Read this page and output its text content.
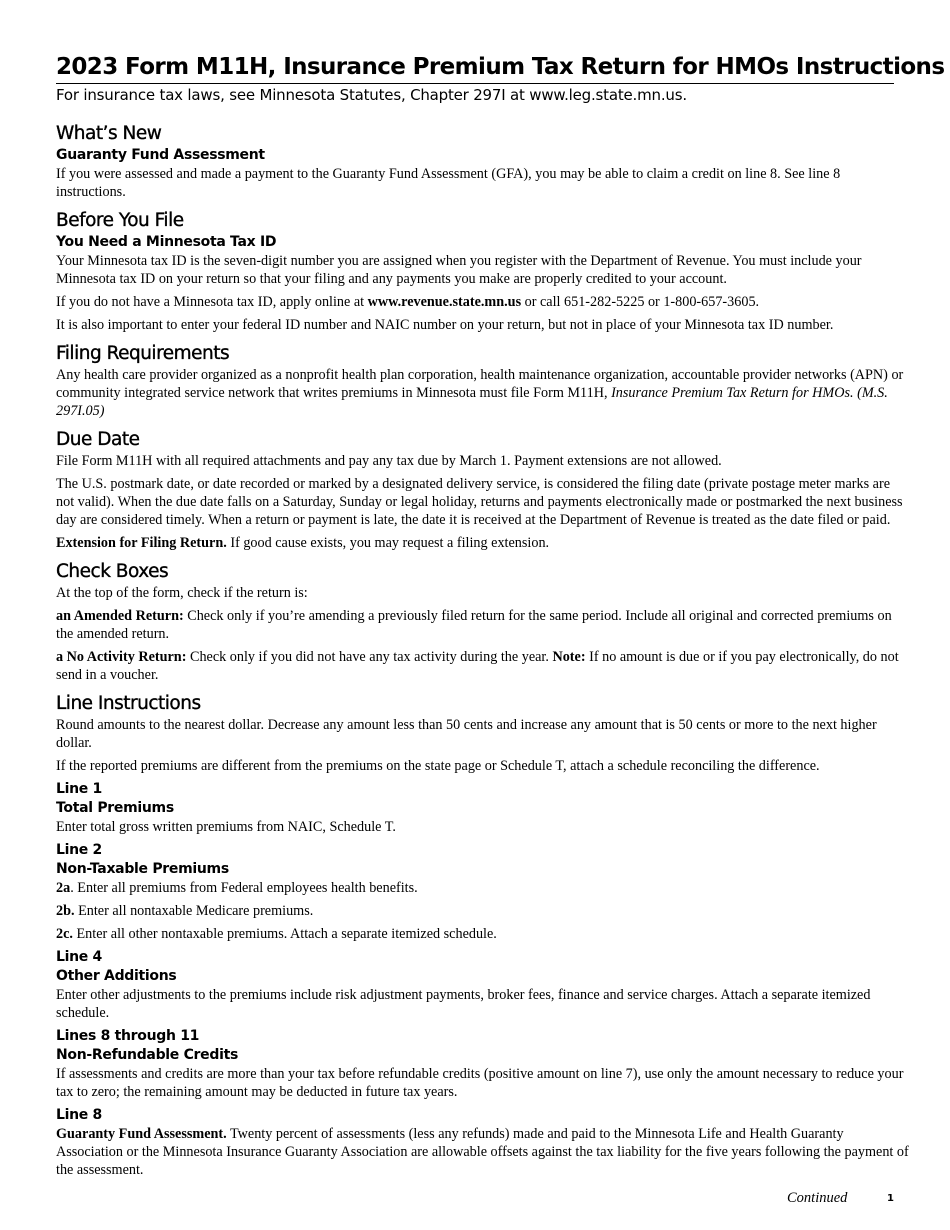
2023 Form M11H, Insurance Premium Tax Return for HMOs Instructions
For insurance tax laws, see Minnesota Statutes, Chapter 297I at www.leg.state.mn.us.
What’s New
Guaranty Fund Assessment

If you were assessed and made a payment to the Guaranty Fund Assessment (GFA), you may be able to claim a credit on line 8. See line 8 instructions.

Before You File
You Need a Minnesota Tax ID

Your Minnesota tax ID is the seven-digit number you are assigned when you register with the Department of Revenue. You must include your Minnesota tax ID on your return so that your filing and any payments you make are properly credited to your account.

If you do not have a Minnesota tax ID, apply online at www.revenue.state.mn.us or call 651-282-5225 or 1-800-657-3605.

It is also important to enter your federal ID number and NAIC number on your return, but not in place of your Minnesota tax ID number.

Filing Requirements

Any health care provider organized as a nonprofit health plan corporation, health maintenance organization, accountable provider networks (APN) or community integrated service network that writes premiums in Minnesota must file Form M11H, Insurance Premium Tax Return for HMOs. (M.S. 297I.05)

Due Date

File Form M11H with all required attachments and pay any tax due by March 1. Payment extensions are not allowed.

The U.S. postmark date, or date recorded or marked by a designated delivery service, is considered the filing date (private postage meter marks are not valid). When the due date falls on a Saturday, Sunday or legal holiday, returns and payments electronically made or postmarked the next business day are considered timely. When a return or payment is late, the date it is received at the Department of Revenue is treated as the date filed or paid.

Extension for Filing Return. If good cause exists, you may request a filing extension.

Check Boxes

At the top of the form, check if the return is:

an Amended Return: Check only if you’re amending a previously filed return for the same period. Include all original and corrected premiums on the amended return.

a No Activity Return: Check only if you did not have any tax activity during the year. Note: If no amount is due or if you pay electronically, do not send in a voucher.

Line Instructions

Round amounts to the nearest dollar. Decrease any amount less than 50 cents and increase any amount that is 50 cents or more to the next higher dollar.

If the reported premiums are different from the premiums on the state page or Schedule T, attach a schedule reconciling the difference.

Line 1
Total Premiums

Enter total gross written premiums from NAIC, Schedule T.

Line 2
Non-Taxable Premiums

2a. Enter all premiums from Federal employees health benefits.

2b. Enter all nontaxable Medicare premiums.

2c. Enter all other nontaxable premiums. Attach a separate itemized schedule.

Line 4
Other Additions

Enter other adjustments to the premiums include risk adjustment payments, broker fees, finance and service charges. Attach a separate itemized schedule.

Lines 8 through 11
Non-Refundable Credits

If assessments and credits are more than your tax before refundable credits (positive amount on line 7), use only the amount necessary to reduce your tax to zero; the remaining amount may be deducted in future tax years.

Line 8

Guaranty Fund Assessment. Twenty percent of assessments (less any refunds) made and paid to the Minnesota Life and Health Guaranty Association or the Minnesota Insurance Guaranty Association are allowable offsets against the tax liability for the five years following the payment of the assessment.

Continued	1
